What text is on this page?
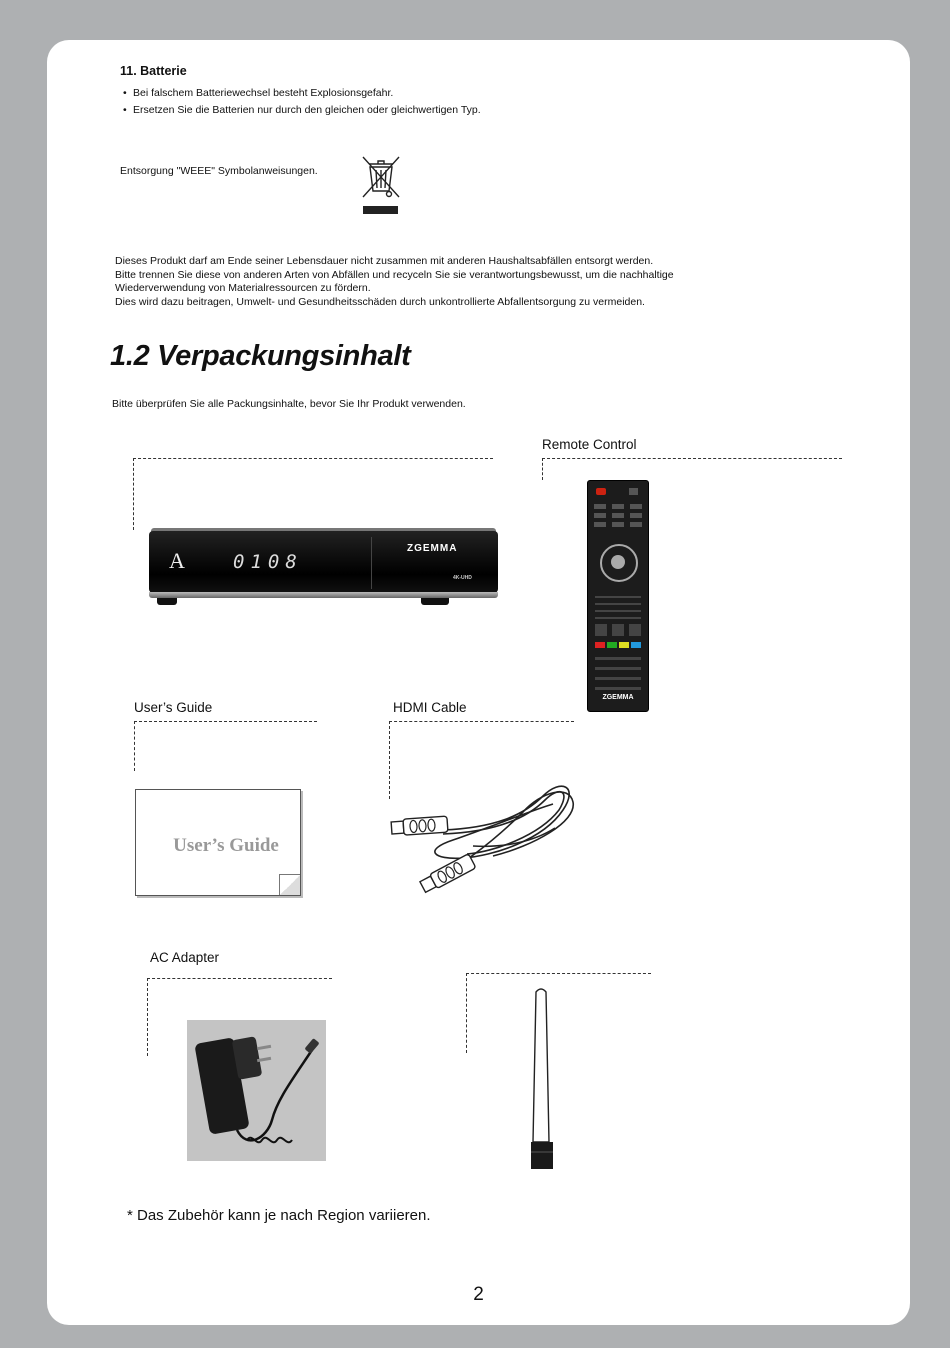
11. Batterie
• Bei falschem Batteriewechsel besteht Explosionsgefahr.
• Ersetzen Sie die Batterien nur durch den gleichen oder gleichwertigen Typ.
Entsorgung "WEEE" Symbolanweisungen.
Dieses Produkt darf am Ende seiner Lebensdauer nicht zusammen mit anderen Haushaltsabfällen entsorgt werden.
Bitte trennen Sie diese von anderen Arten von Abfällen und recyceln Sie sie verantwortungsbewusst, um die nachhaltige
Wiederverwendung von Materialressourcen zu fördern.
Dies wird dazu beitragen, Umwelt- und Gesundheitsschäden durch unkontrollierte Abfallentsorgung zu vermeiden.
1.2 Verpackungsinhalt
Bitte überprüfen Sie alle Packungsinhalte, bevor Sie Ihr Produkt verwenden.
A	0108
ZGEMMA
4K-UHD
Remote Control
ZGEMMA
User’s Guide
User’s Guide
HDMI Cable
AC Adapter
* Das Zubehör kann je nach Region variieren.
2
